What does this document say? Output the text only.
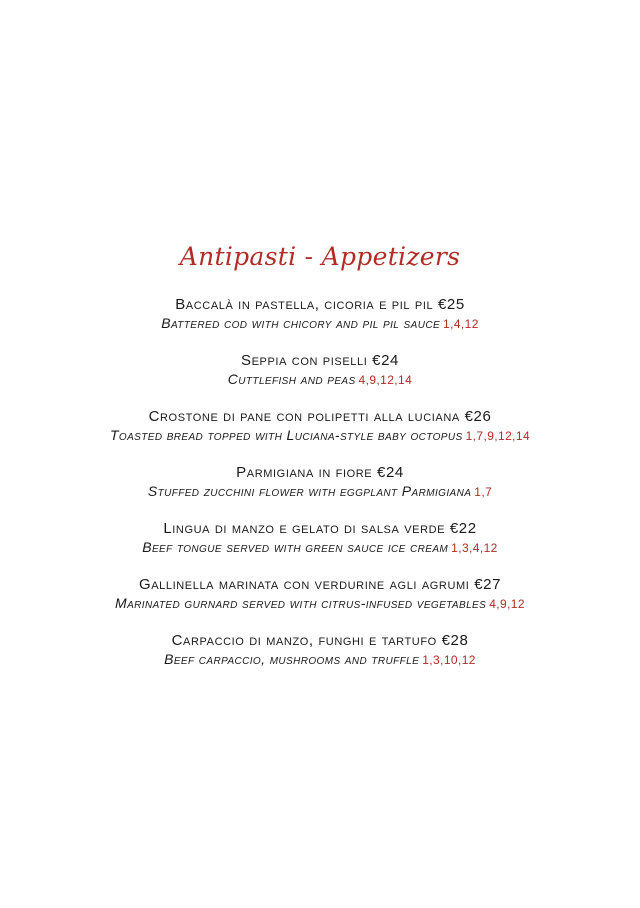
Antipasti - Appetizers
Baccalà in pastella, cicoria e pil pil €25
Battered cod with chicory and pil pil sauce 1,4,12
Seppia con piselli €24
Cuttlefish and peas 4,9,12,14
Crostone di pane con polipetti alla luciana €26
Toasted bread topped with Luciana-style baby octopus 1,7,9,12,14
Parmigiana in fiore €24
Stuffed zucchini flower with eggplant Parmigiana 1,7
Lingua di manzo e gelato di salsa verde €22
Beef tongue served with green sauce ice cream 1,3,4,12
Gallinella marinata con verdurine agli agrumi €27
Marinated gurnard served with citrus-infused vegetables 4,9,12
Carpaccio di manzo, funghi e tartufo €28
Beef carpaccio, mushrooms and truffle 1,3,10,12
